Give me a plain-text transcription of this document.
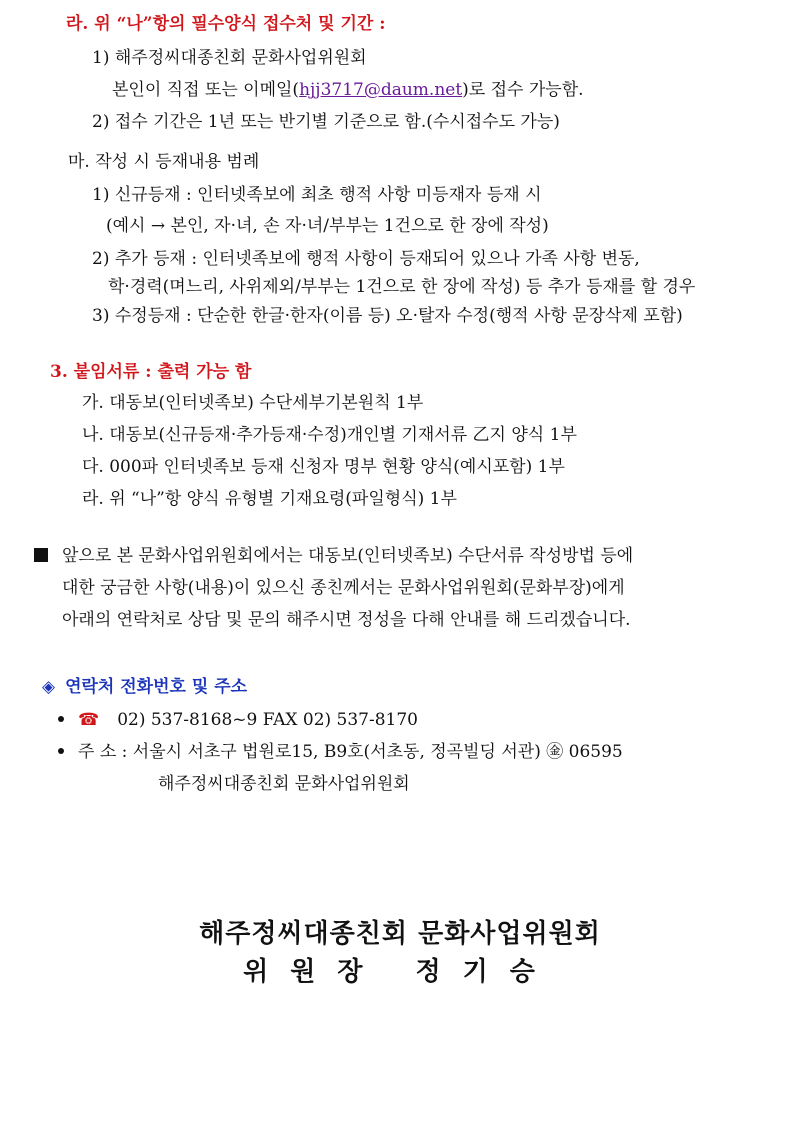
라. 위 “나”항의 필수양식 접수처 및 기간 :
1) 해주정씨대종친회 문화사업위원회
본인이 직접 또는 이메일(hjj3717@daum.net)로 접수 가능함.
2) 접수 기간은 1년 또는 반기별 기준으로 함.(수시접수도 가능)
마. 작성 시 등재내용 범례
1) 신규등재 : 인터넷족보에 최초 행적 사항 미등재자 등재 시
(예시 → 본인, 자·녀, 손 자·녀/부부는 1건으로 한 장에 작성)
2) 추가 등재 : 인터넷족보에 행적 사항이 등재되어 있으나 가족 사항 변동,
학·경력(며느리, 사위제외/부부는 1건으로 한 장에 작성) 등 추가 등재를 할 경우
3) 수정등재 : 단순한 한글·한자(이름 등) 오·탈자 수정(행적 사항 문장삭제 포함)
3. 붙임서류 : 출력 가능 함
가. 대동보(인터넷족보) 수단세부기본원칙 1부
나. 대동보(신규등재·추가등재·수정)개인별 기재서류 乙지 양식 1부
다. 000파 인터넷족보 등재 신청자 명부 현황 양식(예시포함) 1부
라. 위 “나”항 양식 유형별 기재요령(파일형식) 1부
앞으로 본 문화사업위원회에서는 대동보(인터넷족보) 수단서류 작성방법 등에
대한 궁금한 사항(내용)이 있으신 종친께서는 문화사업위원회(문화부장)에게
아래의 연락처로 상담 및 문의 해주시면 정성을 다해 안내를 해 드리겠습니다.
◈ 연락처 전화번호 및 주소
☎ 02) 537-8168~9 FAX 02) 537-8170
주 소 : 서울시 서초구 법원로15, B9호(서초동, 정곡빌딩 서관) ㊎ 06595
해주정씨대종친회 문화사업위원회
해주정씨대종친회 문화사업위원회
위원장 정기승
